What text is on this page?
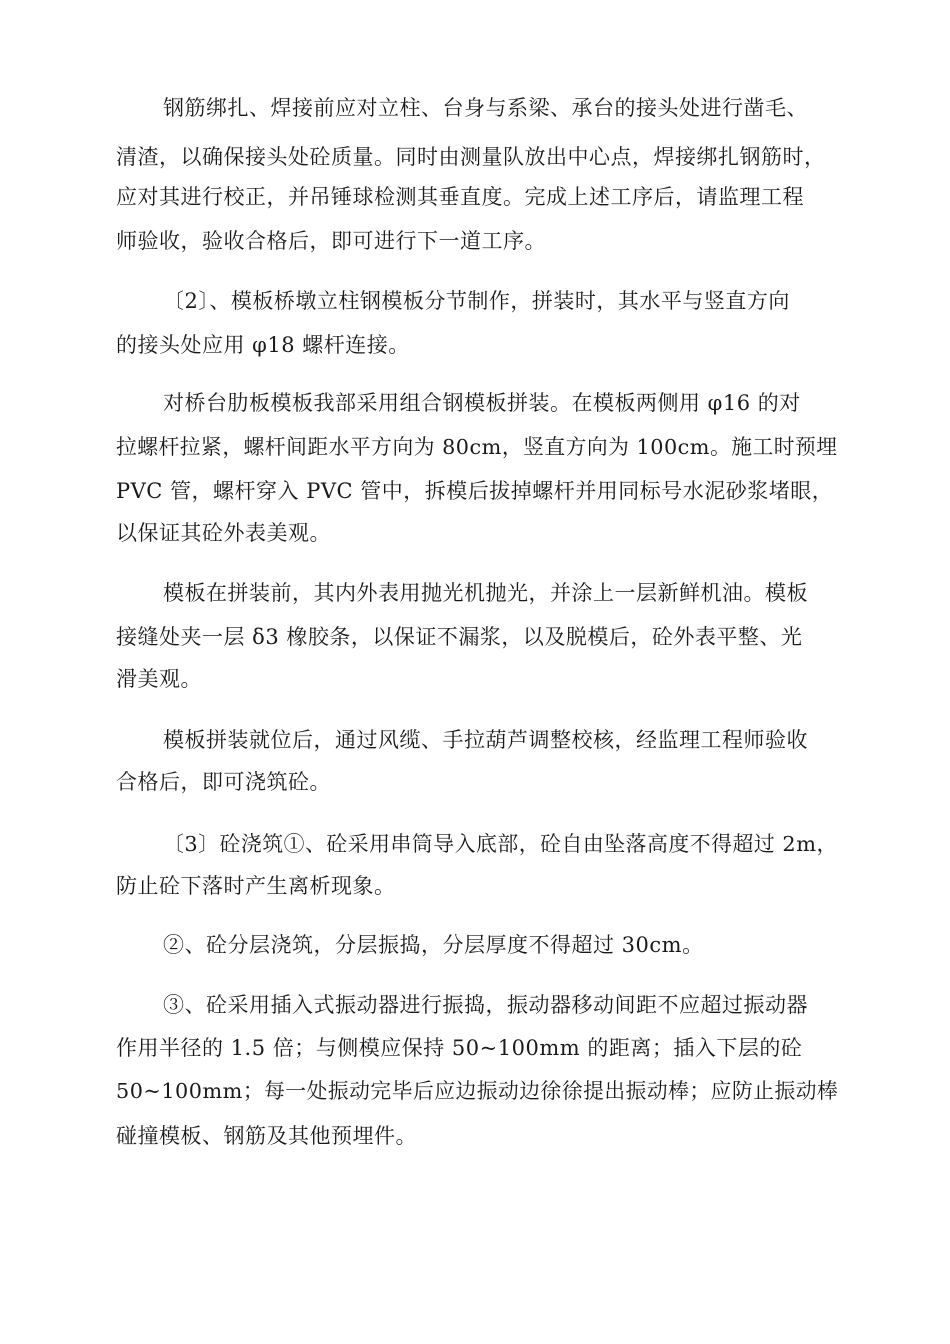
钢筋绑扎、焊接前应对立柱、台身与系梁、承台的接头处进行凿毛、

清渣，以确保接头处砼质量。同时由测量队放出中心点，焊接绑扎钢筋时，

应对其进行校正，并吊锤球检测其垂直度。完成上述工序后，请监理工程

师验收，验收合格后，即可进行下一道工序。

〔2〕、模板桥墩立柱钢模板分节制作，拼装时，其水平与竖直方向

的接头处应用 φ18 螺杆连接。

对桥台肋板模板我部采用组合钢模板拼装。在模板两侧用 φ16 的对

拉螺杆拉紧，螺杆间距水平方向为 80cm，竖直方向为 100cm。施工时预埋

PVC 管，螺杆穿入 PVC 管中，拆模后拔掉螺杆并用同标号水泥砂浆堵眼，

以保证其砼外表美观。

模板在拼装前，其内外表用抛光机抛光，并涂上一层新鲜机油。模板

接缝处夹一层 δ3 橡胶条，以保证不漏浆，以及脱模后，砼外表平整、光

滑美观。

模板拼装就位后，通过风缆、手拉葫芦调整校核，经监理工程师验收

合格后，即可浇筑砼。

〔3〕砼浇筑①、砼采用串筒导入底部，砼自由坠落高度不得超过 2m，

防止砼下落时产生离析现象。

②、砼分层浇筑，分层振捣，分层厚度不得超过 30cm。

③、砼采用插入式振动器进行振捣，振动器移动间距不应超过振动器

作用半径的 1.5 倍；与侧模应保持 50~100mm 的距离；插入下层的砼

50~100mm；每一处振动完毕后应边振动边徐徐提出振动棒；应防止振动棒

碰撞模板、钢筋及其他预埋件。
